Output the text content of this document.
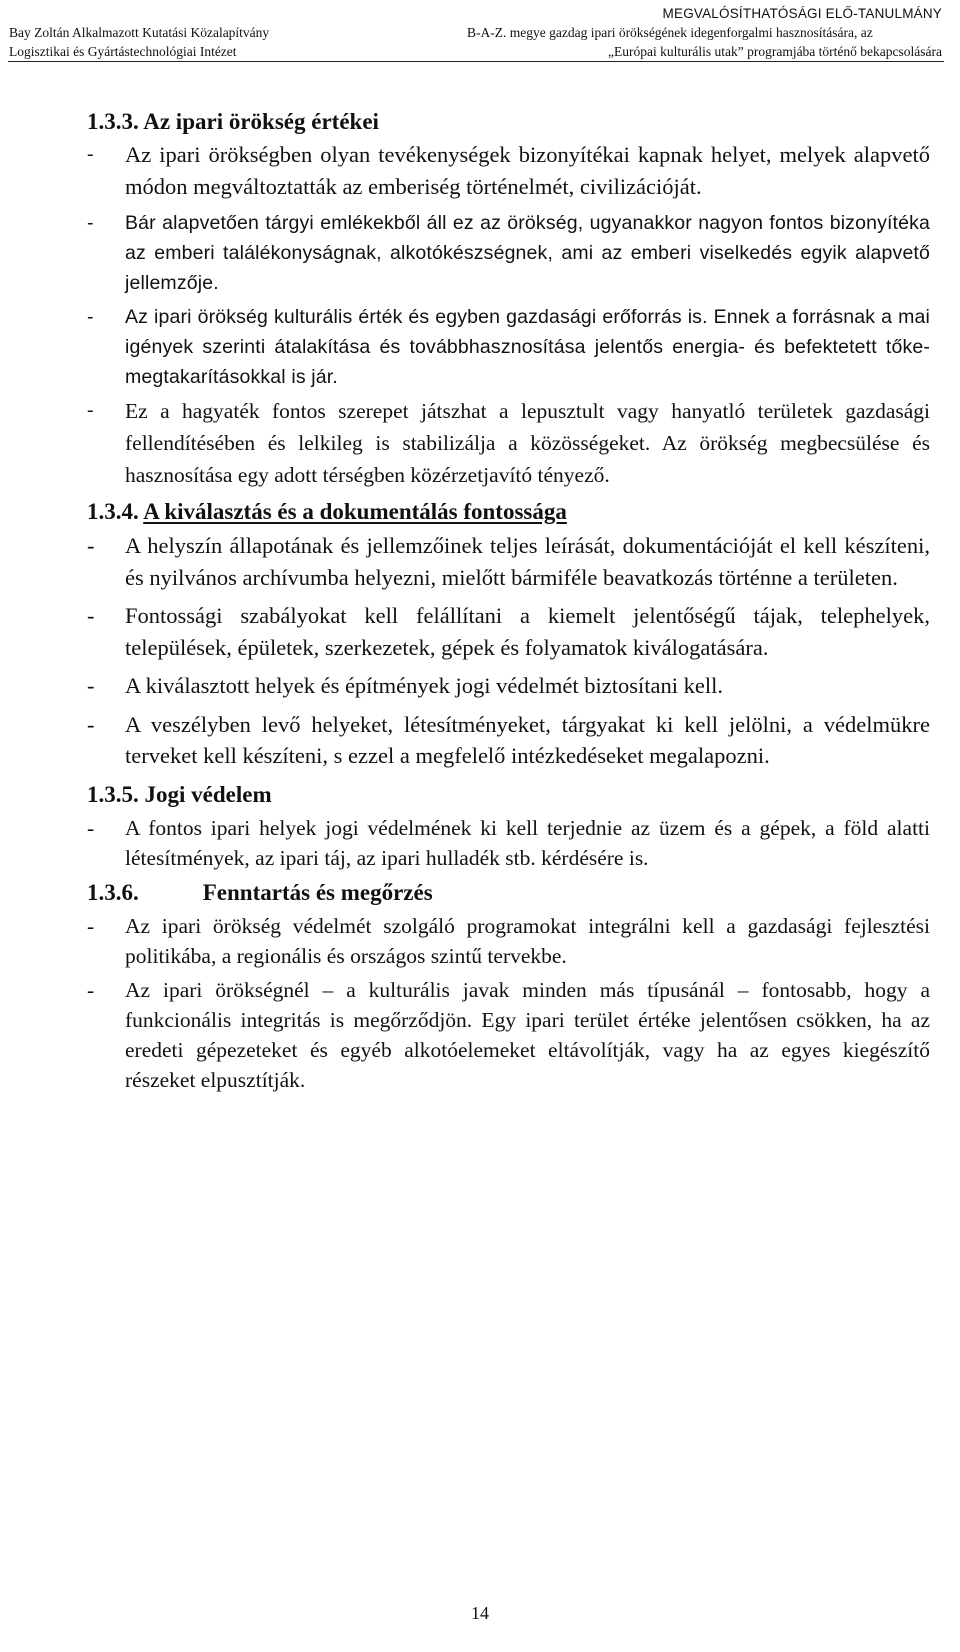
Bay Zoltán Alkalmazott Kutatási Közalapítvány
Logisztikai és Gyártástechnológiai Intézet
MEGVALÓSÍTHATÓSÁGI ELŐ-TANULMÁNY
B-A-Z. megye gazdag ipari örökségének idegenforgalmi hasznosítására, az
„Európai kulturális utak” programjába történő bekapcsolására
1.3.3. Az ipari örökség értékei
- Az ipari örökségben olyan tevékenységek bizonyítékai kapnak helyet, melyek alapvető módon megváltoztatták az emberiség történelmét, civilizációját.
- Bár alapvetően tárgyi emlékekből áll ez az örökség, ugyanakkor nagyon fontos bizonyítéka az emberi találékonyságnak, alkotókészségnek, ami az emberi viselkedés egyik alapvető jellemzője.
- Az ipari örökség kulturális érték és egyben gazdasági erőforrás is. Ennek a forrásnak a mai igények szerinti átalakítása és továbbhasznosítása jelentős energia- és befektetett tőke-megtakarításokkal is jár.
- Ez a hagyaték fontos szerepet játszhat a lepusztult vagy hanyatló területek gazdasági fellendítésében és lelkileg is stabilizálja a közösségeket. Az örökség megbecsülése és hasznosítása egy adott térségben közérzetjavító tényező.
1.3.4. A kiválasztás és a dokumentálás fontossága
- A helyszín állapotának és jellemzőinek teljes leírását, dokumentációját el kell készíteni, és nyilvános archívumba helyezni, mielőtt bármiféle beavatkozás történne a területen.
- Fontossági szabályokat kell felállítani a kiemelt jelentőségű tájak, telephelyek, települések, épületek, szerkezetek, gépek és folyamatok kiválogatására.
- A kiválasztott helyek és építmények jogi védelmét biztosítani kell.
- A veszélyben levő helyeket, létesítményeket, tárgyakat ki kell jelölni, a védelmükre terveket kell készíteni, s ezzel a megfelelő intézkedéseket megalapozni.
1.3.5. Jogi védelem
- A fontos ipari helyek jogi védelmének ki kell terjednie az üzem és a gépek, a föld alatti létesítmények, az ipari táj, az ipari hulladék stb. kérdésére is.
1.3.6.	Fenntartás és megőrzés
- Az ipari örökség védelmét szolgáló programokat integrálni kell a gazdasági fejlesztési politikába, a regionális és országos szintű tervekbe.
- Az ipari örökségnél – a kulturális javak minden más típusánál – fontosabb, hogy a funkcionális integritás is megőrződjön. Egy ipari terület értéke jelentősen csökken, ha az eredeti gépezeteket és egyéb alkotóelemeket eltávolítják, vagy ha az egyes kiegészítő részeket elpusztítják.
14
